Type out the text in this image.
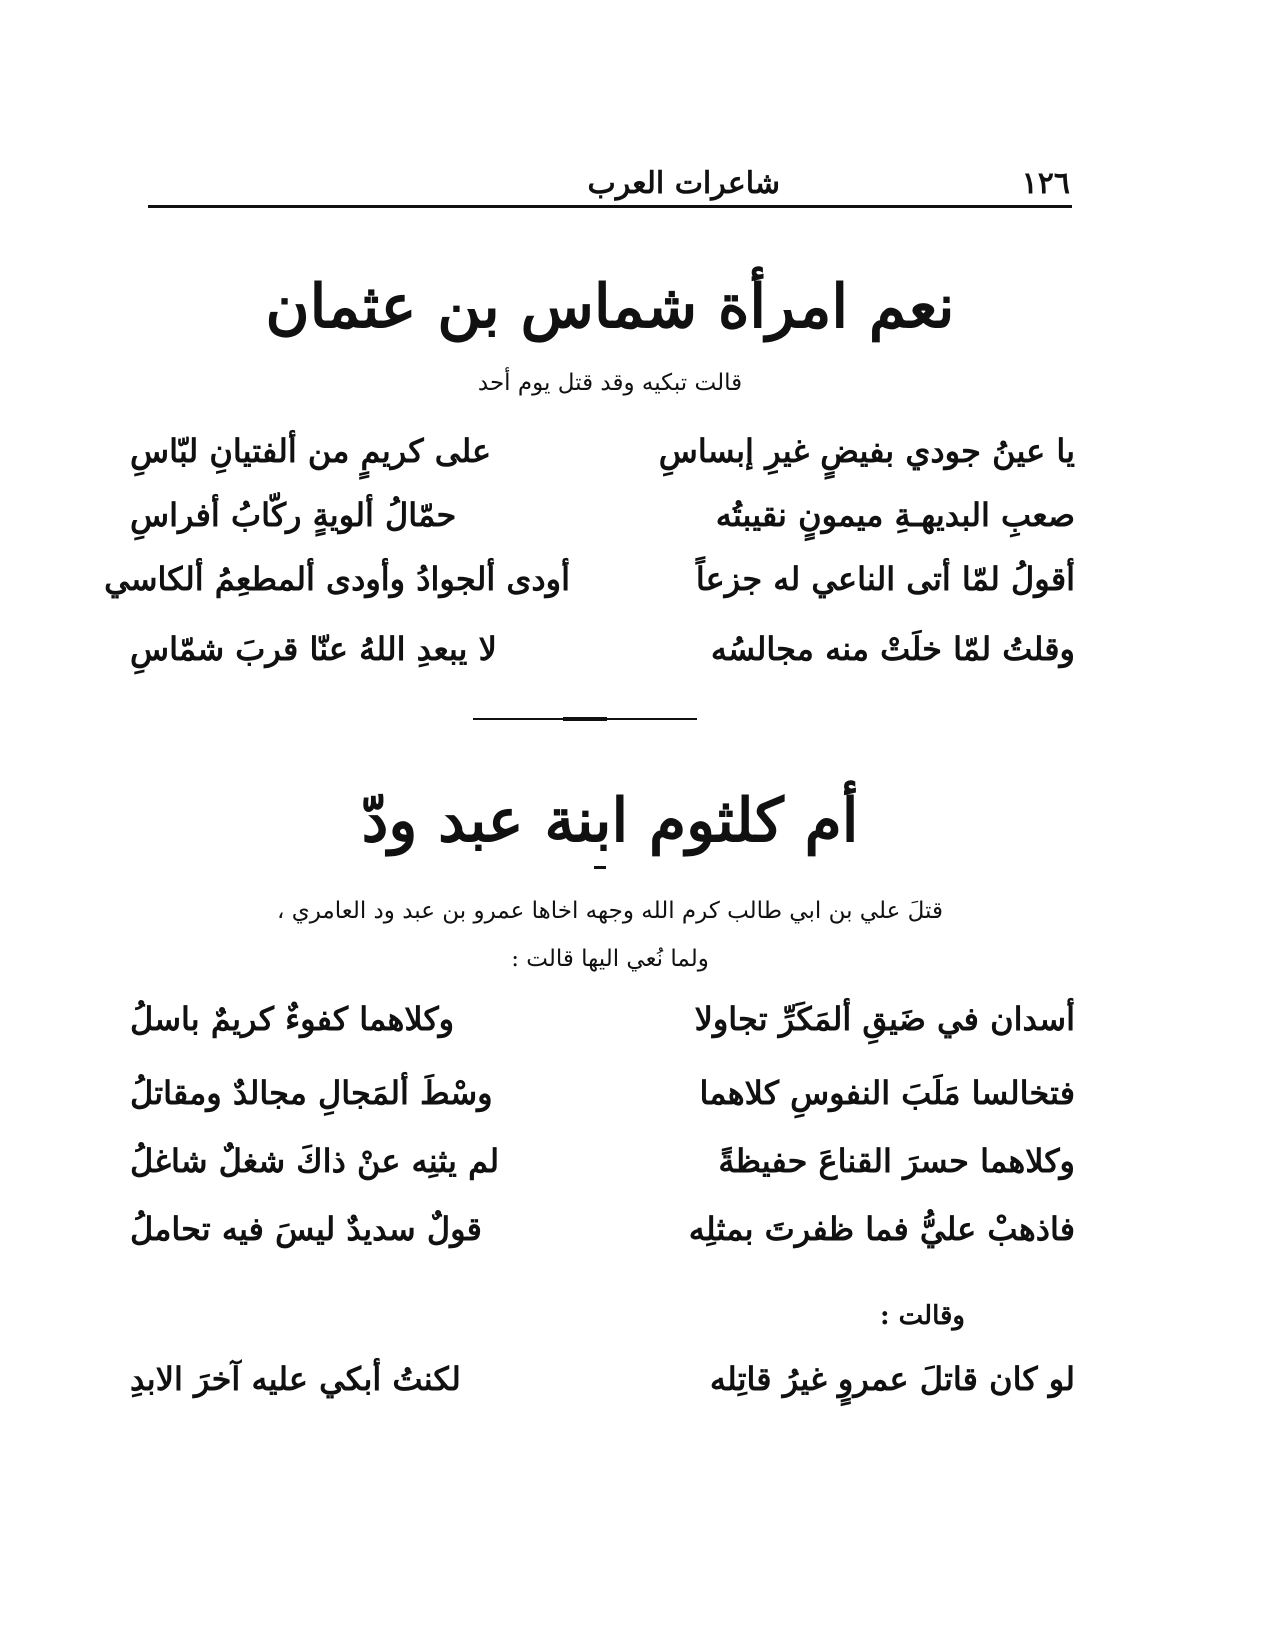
١٢٦
شاعرات العرب
نعم امرأة شماس بن عثمان
قالت تبكيه وقد قتل يوم أحد
يا عينُ جودي بفيضٍ غيرِ إبساسِ
على كريمٍ من ألفتيانِ لبّاسِ
صعبِ البديهـةِ ميمونٍ نقيبتُه
حمّالُ ألويةٍ ركّابُ أفراسِ
أقولُ لمّا أتى الناعي له جزعاً
أودى ألجوادُ وأودى ألمطعِمُ ألكاسي
وقلتُ لمّا خلَتْ منه مجالسُه
لا يبعدِ اللهُ عنّا قربَ شمّاسِ
أم كلثوم ابنة عبد ودّ
قتلَ علي بن ابي طالب كرم الله وجهه اخاها عمرو بن عبد ود العامري ،
ولما نُعي اليها قالت :
أسدان في ضَيقِ ألمَكَرِّ تجاولا
وكلاهما كفوءٌ كريمٌ باسلُ
فتخالسا مَلَبَ النفوسِ كلاهما
وسْطَ ألمَجالِ مجالدٌ ومقاتلُ
وكلاهما حسرَ القناعَ حفيظةً
لم يثنِه عنْ ذاكَ شغلٌ شاغلُ
فاذهبْ عليُّ فما ظفرتَ بمثلِه
قولٌ سديدٌ ليسَ فيه تحاملُ
وقالت :
لو كان قاتلَ عمروٍ غيرُ قاتِله
لكنتُ أبكي عليه آخرَ الابدِ
